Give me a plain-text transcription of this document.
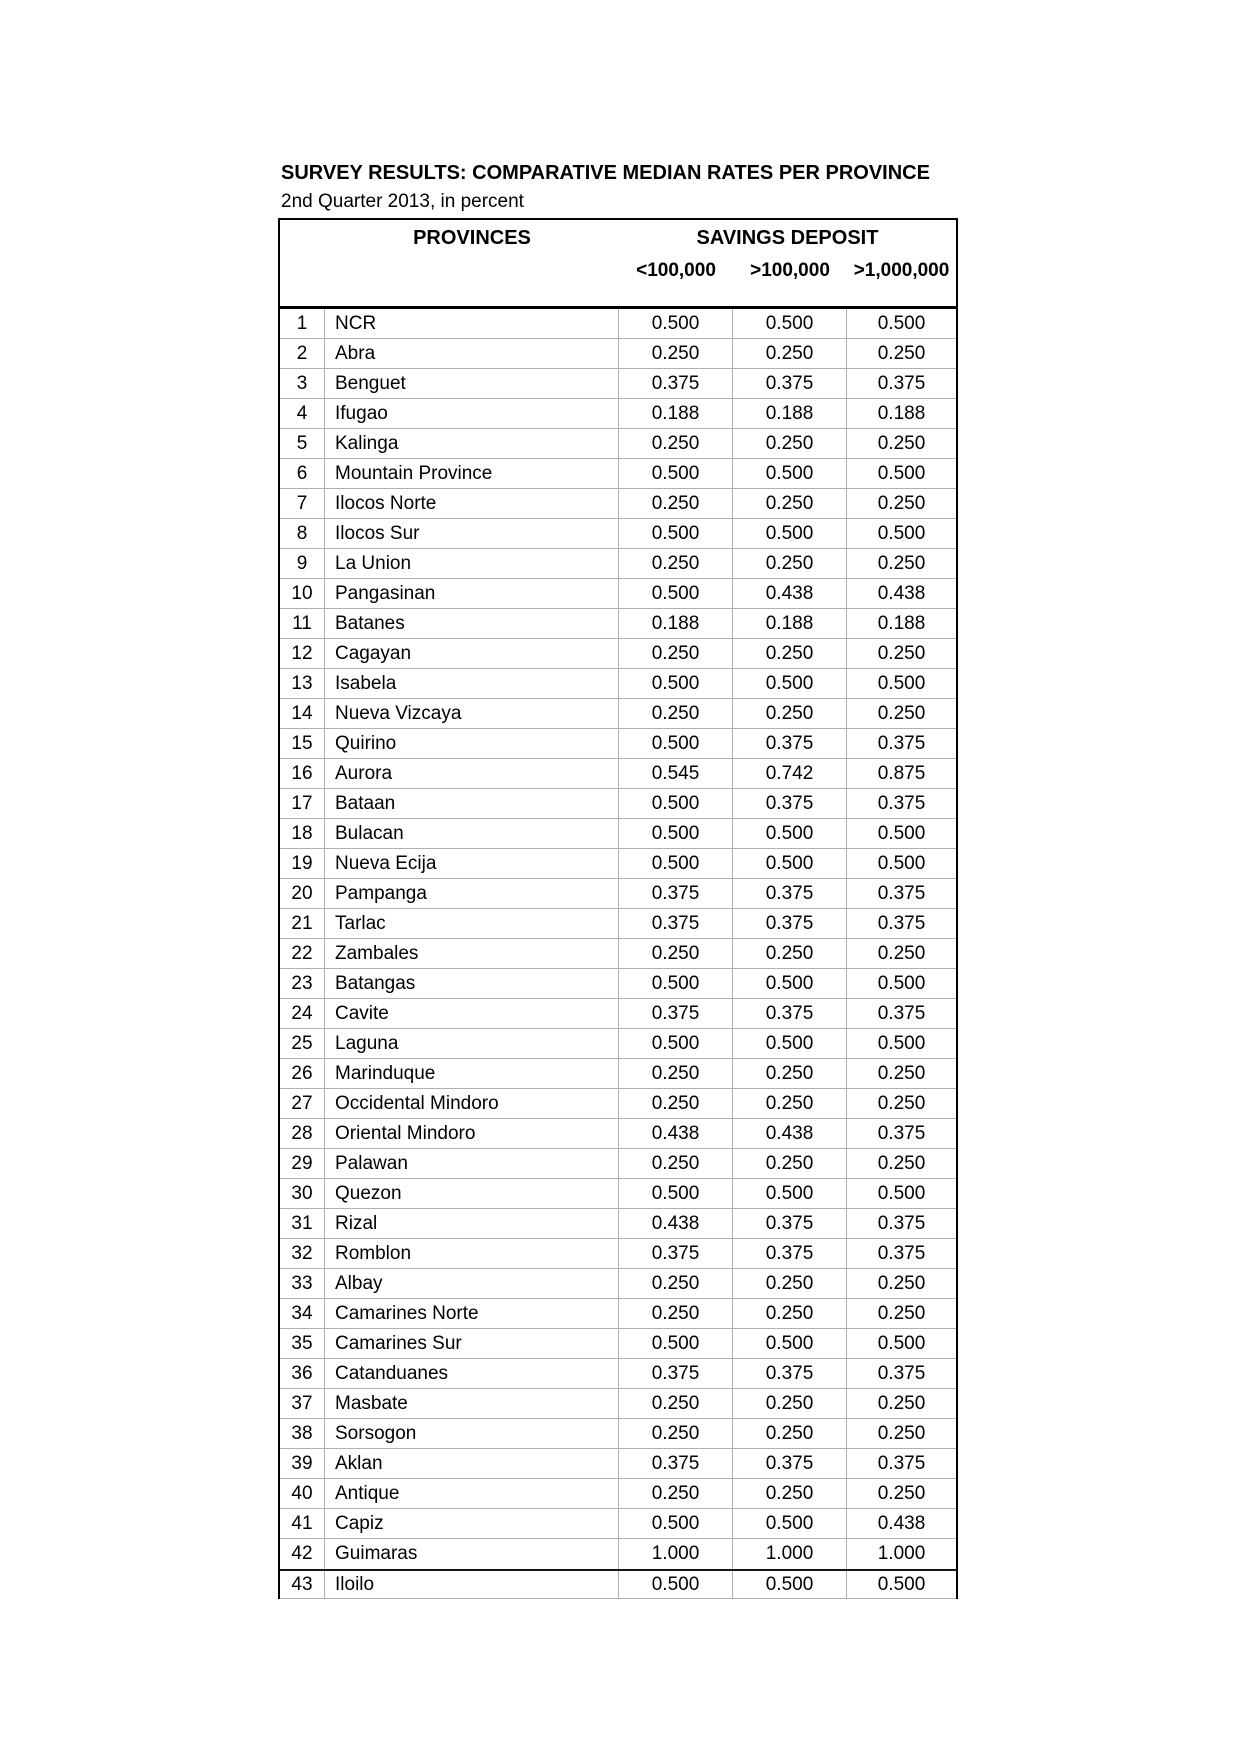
SURVEY RESULTS: COMPARATIVE MEDIAN RATES PER PROVINCE
2nd Quarter 2013, in percent
PROVINCES	SAVINGS DEPOSIT
<100,000	>100,000	>1,000,000
1	NCR	0.500	0.500	0.500
2	Abra	0.250	0.250	0.250
3	Benguet	0.375	0.375	0.375
4	Ifugao	0.188	0.188	0.188
5	Kalinga	0.250	0.250	0.250
6	Mountain Province	0.500	0.500	0.500
7	Ilocos Norte	0.250	0.250	0.250
8	Ilocos Sur	0.500	0.500	0.500
9	La Union	0.250	0.250	0.250
10	Pangasinan	0.500	0.438	0.438
11	Batanes	0.188	0.188	0.188
12	Cagayan	0.250	0.250	0.250
13	Isabela	0.500	0.500	0.500
14	Nueva Vizcaya	0.250	0.250	0.250
15	Quirino	0.500	0.375	0.375
16	Aurora	0.545	0.742	0.875
17	Bataan	0.500	0.375	0.375
18	Bulacan	0.500	0.500	0.500
19	Nueva Ecija	0.500	0.500	0.500
20	Pampanga	0.375	0.375	0.375
21	Tarlac	0.375	0.375	0.375
22	Zambales	0.250	0.250	0.250
23	Batangas	0.500	0.500	0.500
24	Cavite	0.375	0.375	0.375
25	Laguna	0.500	0.500	0.500
26	Marinduque	0.250	0.250	0.250
27	Occidental Mindoro	0.250	0.250	0.250
28	Oriental Mindoro	0.438	0.438	0.375
29	Palawan	0.250	0.250	0.250
30	Quezon	0.500	0.500	0.500
31	Rizal	0.438	0.375	0.375
32	Romblon	0.375	0.375	0.375
33	Albay	0.250	0.250	0.250
34	Camarines Norte	0.250	0.250	0.250
35	Camarines Sur	0.500	0.500	0.500
36	Catanduanes	0.375	0.375	0.375
37	Masbate	0.250	0.250	0.250
38	Sorsogon	0.250	0.250	0.250
39	Aklan	0.375	0.375	0.375
40	Antique	0.250	0.250	0.250
41	Capiz	0.500	0.500	0.438
42	Guimaras	1.000	1.000	1.000
43	Iloilo	0.500	0.500	0.500
